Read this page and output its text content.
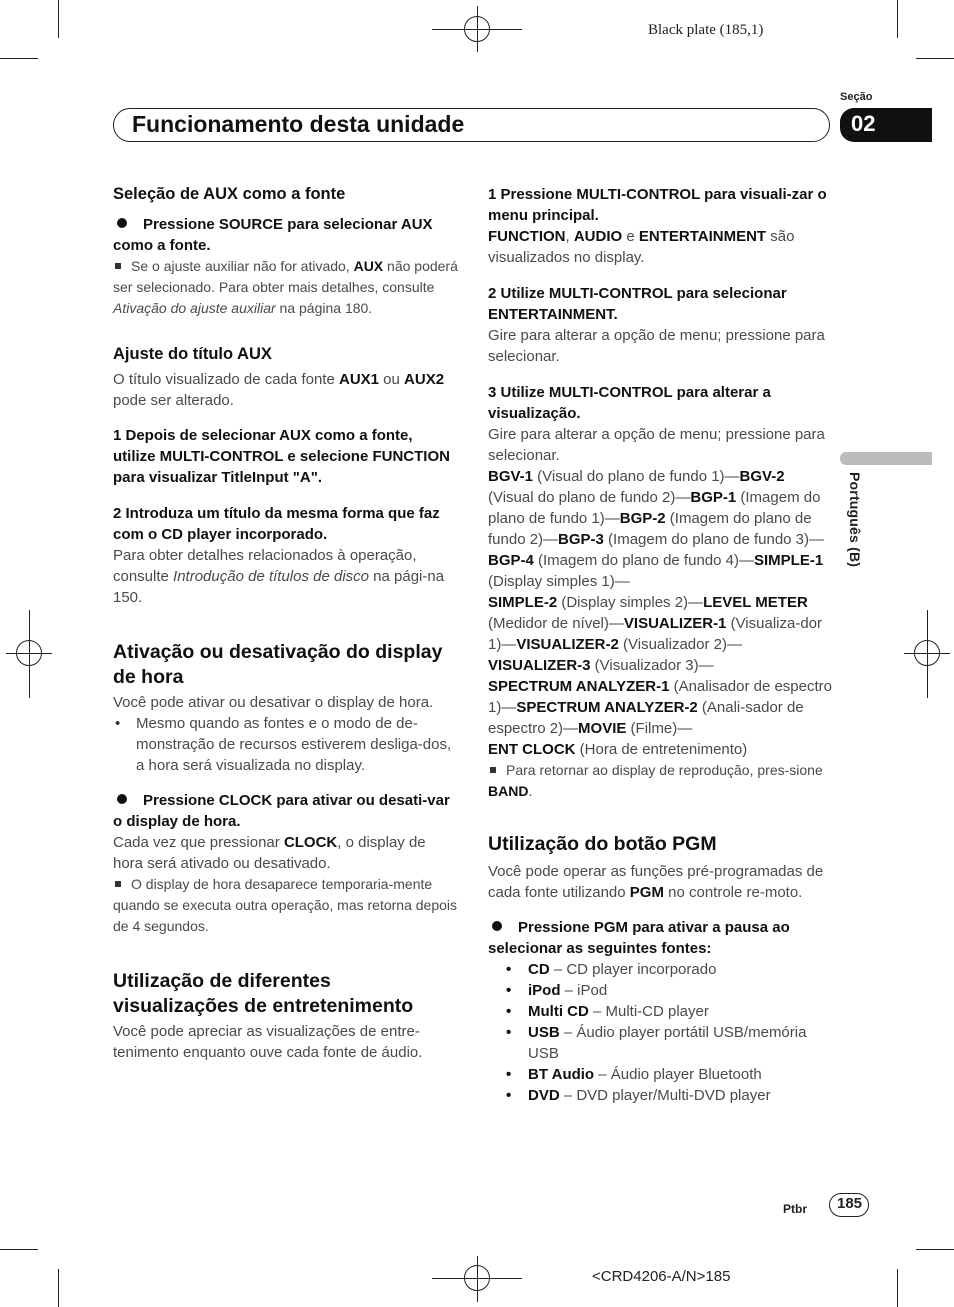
Black plate (185,1)
Seção
Funcionamento desta unidade	02
Português (B)

Seleção de AUX como a fonte

Pressione SOURCE para selecionar AUX como a fonte.

Se o ajuste auxiliar não for ativado, AUX não poderá ser selecionado. Para obter mais detalhes, consulte Ativação do ajuste auxiliar na página 180.

Ajuste do título AUX

O título visualizado de cada fonte AUX1 ou AUX2 pode ser alterado.

1 Depois de selecionar AUX como a fonte, utilize MULTI-CONTROL e selecione FUNCTION para visualizar TitleInput "A".

2 Introduza um título da mesma forma que faz com o CD player incorporado.

Para obter detalhes relacionados à operação, consulte Introdução de títulos de disco na pági-na 150.

Ativação ou desativação do display de hora

Você pode ativar ou desativar o display de hora.

• Mesmo quando as fontes e o modo de de-monstração de recursos estiverem desliga-dos, a hora será visualizada no display.

Pressione CLOCK para ativar ou desati-var o display de hora.

Cada vez que pressionar CLOCK, o display de hora será ativado ou desativado.

O display de hora desaparece temporaria-mente quando se executa outra operação, mas retorna depois de 4 segundos.

Utilização de diferentes visualizações de entretenimento

Você pode apreciar as visualizações de entre-tenimento enquanto ouve cada fonte de áudio.

1 Pressione MULTI-CONTROL para visuali-zar o menu principal.

FUNCTION, AUDIO e ENTERTAINMENT são visualizados no display.

2 Utilize MULTI-CONTROL para selecionar ENTERTAINMENT.

Gire para alterar a opção de menu; pressione para selecionar.

3 Utilize MULTI-CONTROL para alterar a visualização.

Gire para alterar a opção de menu; pressione para selecionar.

BGV-1 (Visual do plano de fundo 1)—BGV-2 (Visual do plano de fundo 2)—BGP-1 (Imagem do plano de fundo 1)—BGP-2 (Imagem do plano de fundo 2)—BGP-3 (Imagem do plano de fundo 3)—BGP-4 (Imagem do plano de fundo 4)—SIMPLE-1 (Display simples 1)—
SIMPLE-2 (Display simples 2)—LEVEL METER (Medidor de nível)—VISUALIZER-1 (Visualiza-dor 1)—VISUALIZER-2 (Visualizador 2)—
VISUALIZER-3 (Visualizador 3)—
SPECTRUM ANALYZER-1 (Analisador de espectro 1)—SPECTRUM ANALYZER-2 (Anali-sador de espectro 2)—MOVIE (Filme)—
ENT CLOCK (Hora de entretenimento)

Para retornar ao display de reprodução, pres-sione BAND.

Utilização do botão PGM

Você pode operar as funções pré-programadas de cada fonte utilizando PGM no controle re-moto.

Pressione PGM para ativar a pausa ao selecionar as seguintes fontes:

• CD – CD player incorporado

• iPod – iPod

• Multi CD – Multi-CD player

• USB – Áudio player portátil USB/memória USB

• BT Audio – Áudio player Bluetooth

• DVD – DVD player/Multi-DVD player

Ptbr 185
<CRD4206-A/N>185
